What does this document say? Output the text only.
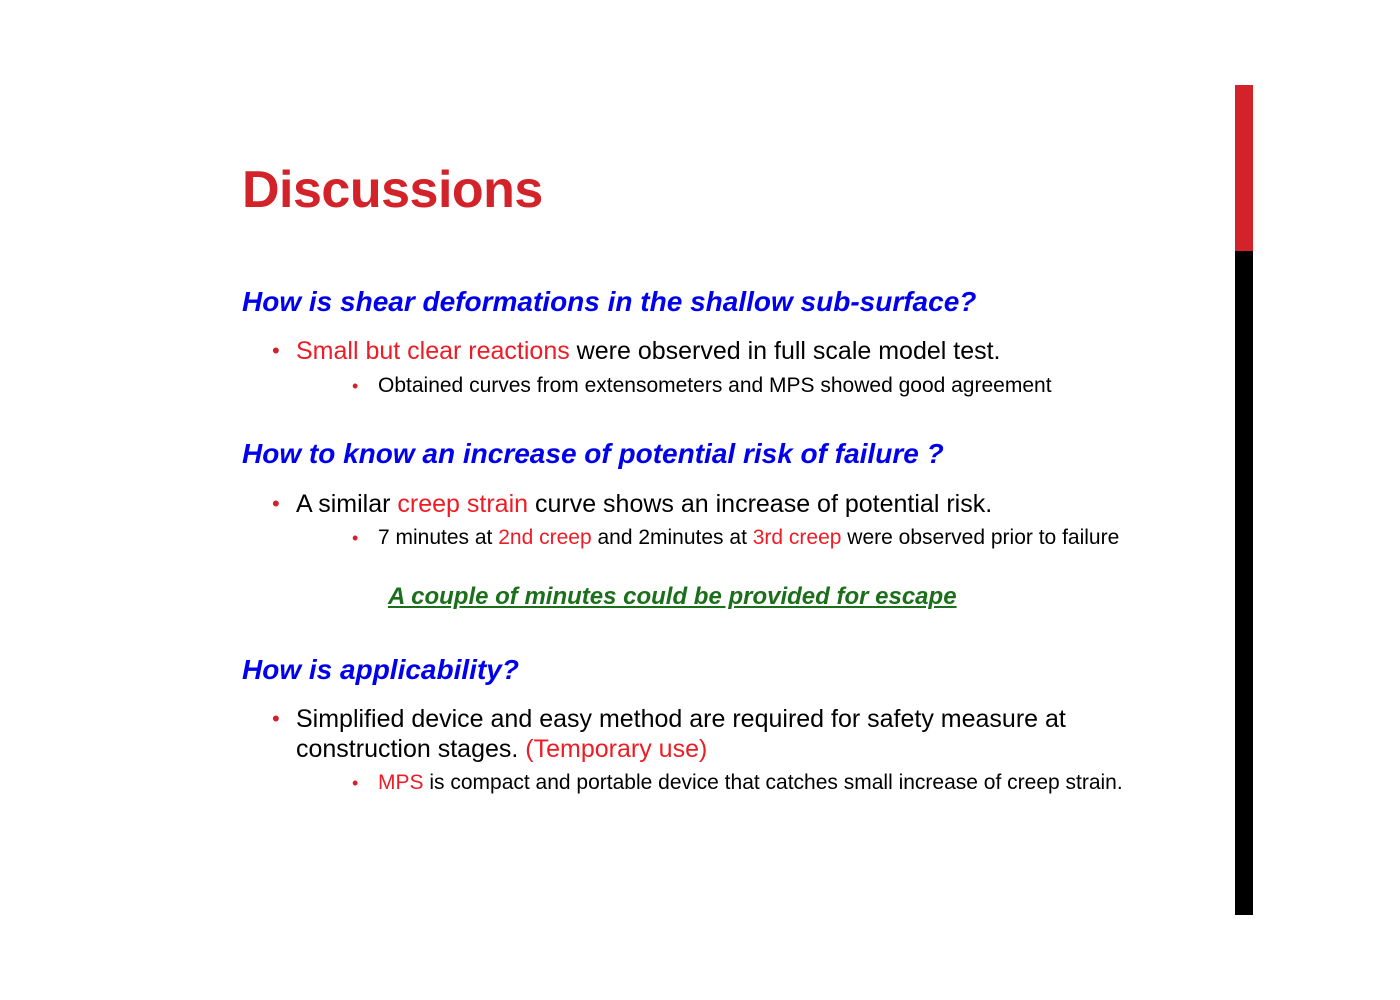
Discussions
How is shear deformations in the shallow sub-surface?
• Small but clear reactions were observed in full scale model test.
• Obtained curves from extensometers and MPS showed good agreement
How to know an increase of potential risk of failure ?
• A similar creep strain curve shows an increase of potential risk.
• 7 minutes at 2nd creep and 2minutes at 3rd creep were observed prior to failure

A couple of minutes could be provided for escape

How is applicability?
• Simplified device and easy method are required for safety measure at construction stages. (Temporary use)
• MPS is compact and portable device that catches small increase of creep strain.
